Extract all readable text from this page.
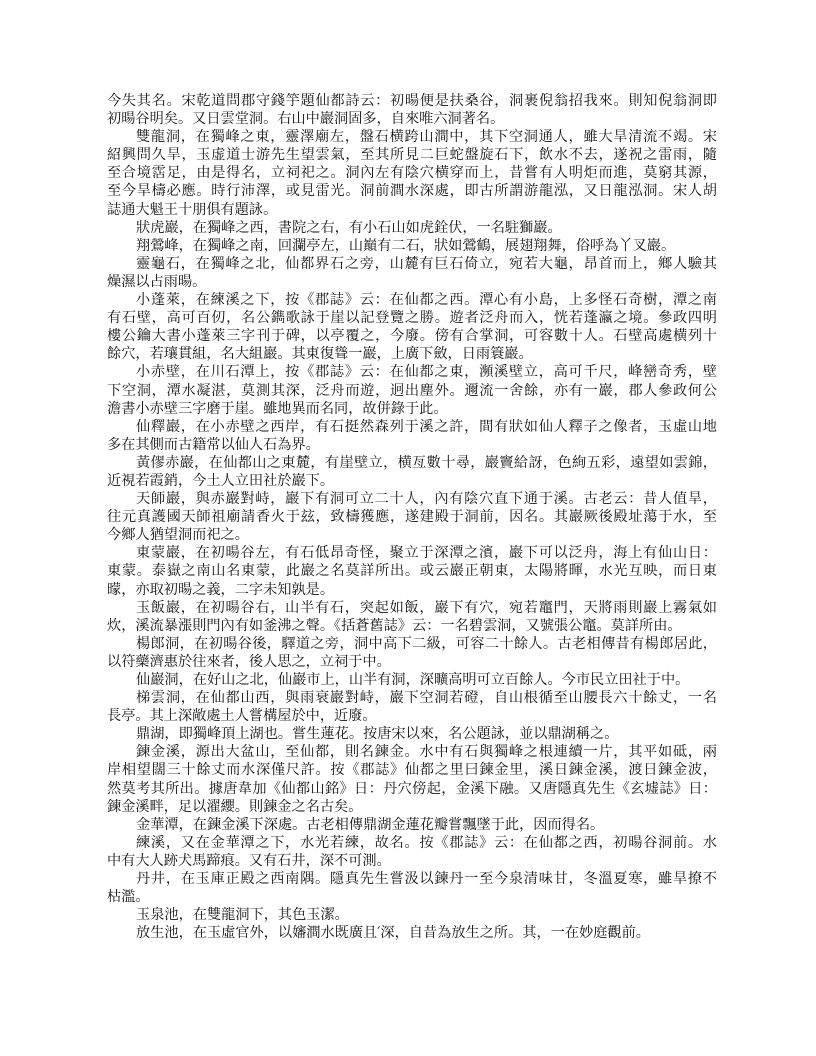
今失其名。宋乾道問郡守錢竽題仙都詩云：初暘便是扶桑谷，洞裹倪翁招我來。則知倪翁洞即
初暘谷明矣。又日雲堂洞。右山中巖洞固多，自來唯六洞著名。
雙龍洞，在獨峰之東，靈澤廟左，盤石横跨山澗中，其下空洞通人，雖大旱清流不竭。宋
紹興問久旱，玉虚道士游先生望雲氣，至其所見二巨蛇盤旋石下，飲水不去，遂祝之雷雨，隨
至合境霑足，由是得名，立祠祀之。洞內左有陰穴横穿而上，昔嘗有人明炬而進，莫窮其源，
至今旱檮必應。時行沛澤，或見雷光。洞前澗水深處，即古所謂游龍泓，又日龍泓洞。宋人胡
誌通大魁王十朋俱有題詠。
狀虎巖，在獨峰之西，書院之右，有小石山如虎銓伏，一名駐獅巖。
翔鶯峰，在獨峰之南，回瀾亭左，山巔有二石，狀如鶯鶴，展翅翔舞，俗呼為丫叉巖。
靈龜石，在獨峰之北，仙都界石之旁，山麓有巨石倚立，宛若大龜，昂首而上，鄉人驗其
燥濕以占雨暘。
小蓬萊，在練溪之下，按《郡誌》云：在仙都之西。潭心有小島，上多怪石奇樹，潭之南
有石壁，高可百仞，名公鐫歌詠于崖以記登覽之勝。遊者泛舟而入，恍若蓬瀛之境。參政四明
樓公鑰大書小蓬萊三字刊于碑，以亭覆之，今廢。傍有合掌洞，可容數十人。石壁高處横列十
餘穴，若瓖貫組，名大組巖。其東復聳一巖，上廣下斂，日雨簑巖。
小赤壁，在川石潭上，按《郡誌》云：在仙都之東，瀕溪壁立，高可千尺，峰巒奇秀，壁
下空洞，潭水凝湛，莫測其深，泛舟而遊，迥出塵外。邇流一舍餘，亦有一巖，郡人參政何公
澹書小赤壁三字磨于崖。雖地異而名同，故併錄于此。
仙釋巖，在小赤壁之西岸，有石挺然森列于溪之許，間有狀如仙人釋子之像者，玉虛山地
多在其側而古籍常以仙人石為界。
黃僇赤巖，在仙都山之東麓，有崖壁立，横亙數十尋，巖竇給訝，色絢五彩，遠望如雲錦，
近視若霞銷，今土人立田社於巖下。
天師巖，與赤巖對峙，巖下有洞可立二十人，內有陰穴直下通于溪。古老云：昔人值旱，
往元真護國天師祖廟請香火于玆，致檮獲應，遂建殿于洞前，因名。其巖厥後殿址蕩于水，至
今鄉人猶望洞而祀之。
東蒙巖，在初暘谷左，有石低昂奇怪，聚立于深潭之濱，巖下可以泛舟，海上有仙山日：
東蒙。泰嶽之南山名東蒙，此巖之名莫詳所出。或云巖正朝東，太陽將暉，水光互映，而日東
曚，亦取初暘之義，二字未知孰是。
玉飯巖，在初暘谷右，山半有石，突起如飯，巖下有穴，宛若竈門，天將雨則巖上霧氣如
炊，溪流暴漲則門內有如釜沸之聲。《括蒼舊誌》云：一名碧雲洞，又號張公竈。莫詳所由。
楊郎洞，在初暘谷後，驛道之旁，洞中高下二級，可容二十餘人。古老相傳昔有楊郎居此，
以符藥濟惠於往來者，後人思之，立祠于中。
仙巖洞，在好山之北，仙巖市上，山半有洞，深曠高明可立百餘人。今市民立田社于中。
梯雲洞，在仙都山西，與雨衰巖對峙，巖下空洞若磴，自山根循至山腰長六十餘丈，一名
長亭。其上深敞處土人嘗構屋於中，近廢。
鼎湖，即獨峰頂上湖也。嘗生蓮花。按唐宋以來，名公題詠，並以鼎湖稱之。
鍊金溪，源出大盆山，至仙都，則名鍊金。水中有石與獨峰之根連續一片，其平如砥，兩
岸相望闊三十餘丈而水深僅尺許。按《郡誌》仙都之里曰鍊金里，溪日鍊金溪，渡日鍊金波，
然莫考其所出。據唐韋加《仙都山銘》日：丹穴傍起，金溪下融。又唐隱真先生《玄墟誌》日：
鍊金溪畔，足以濯纓。則鍊金之名古矣。
金華潭，在鍊金溪下深處。古老相傳鼎湖金蓮花瓣嘗飄墜于此，因而得名。
練溪，又在金華潭之下，水光若練，故名。按《郡誌》云：在仙都之西，初暘谷洞前。水
中有大人跡犬馬蹄痕。又有石井，深不可測。
丹井，在玉庫正殿之西南隅。隱真先生嘗汲以鍊丹一至今泉清味甘，冬溫夏寒，雖旱撩不
枯濫。
玉泉池，在雙龍洞下，其色玉潔。
放生池，在玉虛官外，以嬸澗水既廣且′深，自昔為放生之所。其，一在妙庭觀前。
